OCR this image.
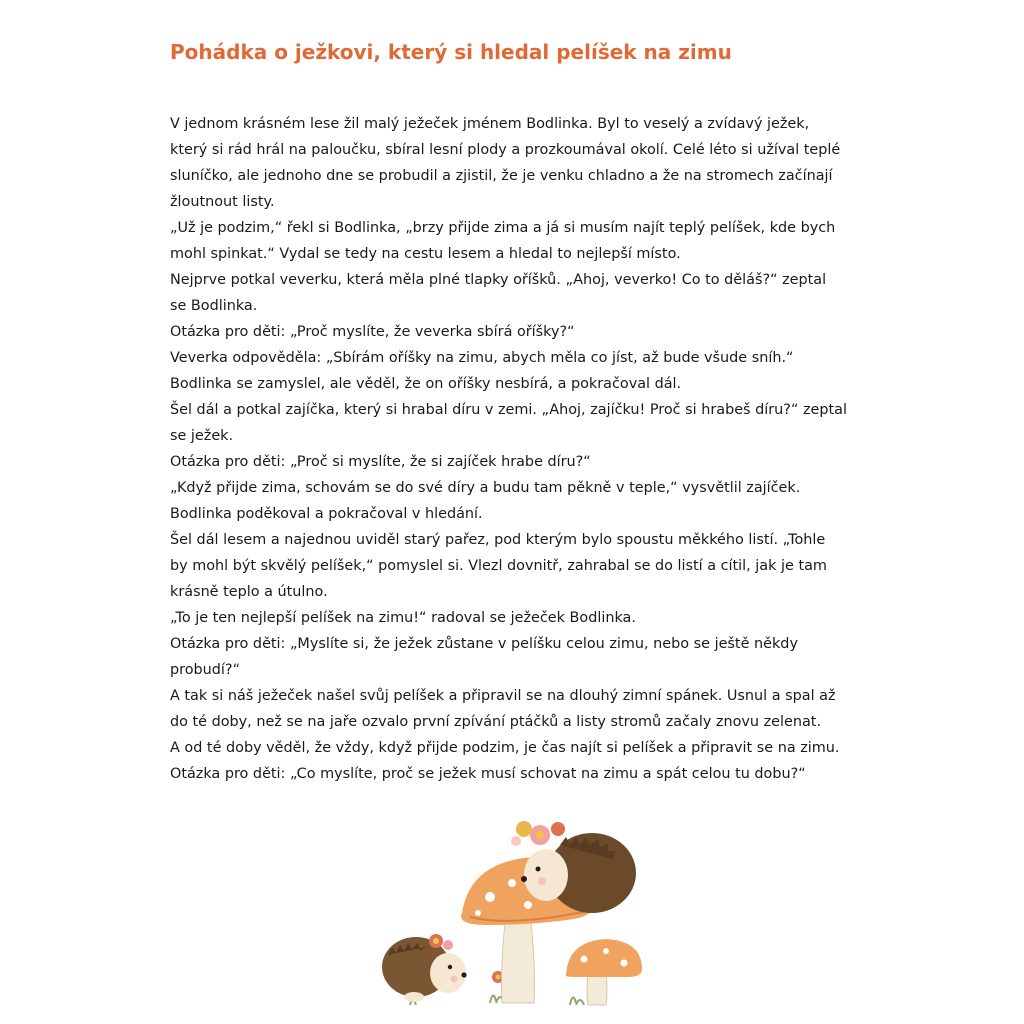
Pohádka o ježkovi, který si hledal pelíšek na zimu
V jednom krásném lese žil malý ježeček jménem Bodlinka. Byl to veselý a zvídavý ježek,
který si rád hrál na paloučku, sbíral lesní plody a prozkoumával okolí. Celé léto si užíval teplé
sluníčko, ale jednoho dne se probudil a zjistil, že je venku chladno a že na stromech začínají
žloutnout listy.
„Už je podzim,“ řekl si Bodlinka, „brzy přijde zima a já si musím najít teplý pelíšek, kde bych
mohl spinkat.“ Vydal se tedy na cestu lesem a hledal to nejlepší místo.
Nejprve potkal veverku, která měla plné tlapky oříšků. „Ahoj, veverko! Co to děláš?“ zeptal
se Bodlinka.
Otázka pro děti: „Proč myslíte, že veverka sbírá oříšky?“
Veverka odpověděla: „Sbírám oříšky na zimu, abych měla co jíst, až bude všude sníh.“
Bodlinka se zamyslel, ale věděl, že on oříšky nesbírá, a pokračoval dál.
Šel dál a potkal zajíčka, který si hrabal díru v zemi. „Ahoj, zajíčku! Proč si hrabeš díru?“ zeptal
se ježek.
Otázka pro děti: „Proč si myslíte, že si zajíček hrabe díru?“
„Když přijde zima, schovám se do své díry a budu tam pěkně v teple,“ vysvětlil zajíček.
Bodlinka poděkoval a pokračoval v hledání.
Šel dál lesem a najednou uviděl starý pařez, pod kterým bylo spoustu měkkého listí. „Tohle
by mohl být skvělý pelíšek,“ pomyslel si. Vlezl dovnitř, zahrabal se do listí a cítil, jak je tam
krásně teplo a útulno.
„To je ten nejlepší pelíšek na zimu!“ radoval se ježeček Bodlinka.
Otázka pro děti: „Myslíte si, že ježek zůstane v pelíšku celou zimu, nebo se ještě někdy
probudí?“
A tak si náš ježeček našel svůj pelíšek a připravil se na dlouhý zimní spánek. Usnul a spal až
do té doby, než se na jaře ozvalo první zpívání ptáčků a listy stromů začaly znovu zelenat.
A od té doby věděl, že vždy, když přijde podzim, je čas najít si pelíšek a připravit se na zimu.
Otázka pro děti: „Co myslíte, proč se ježek musí schovat na zimu a spát celou tu dobu?“
